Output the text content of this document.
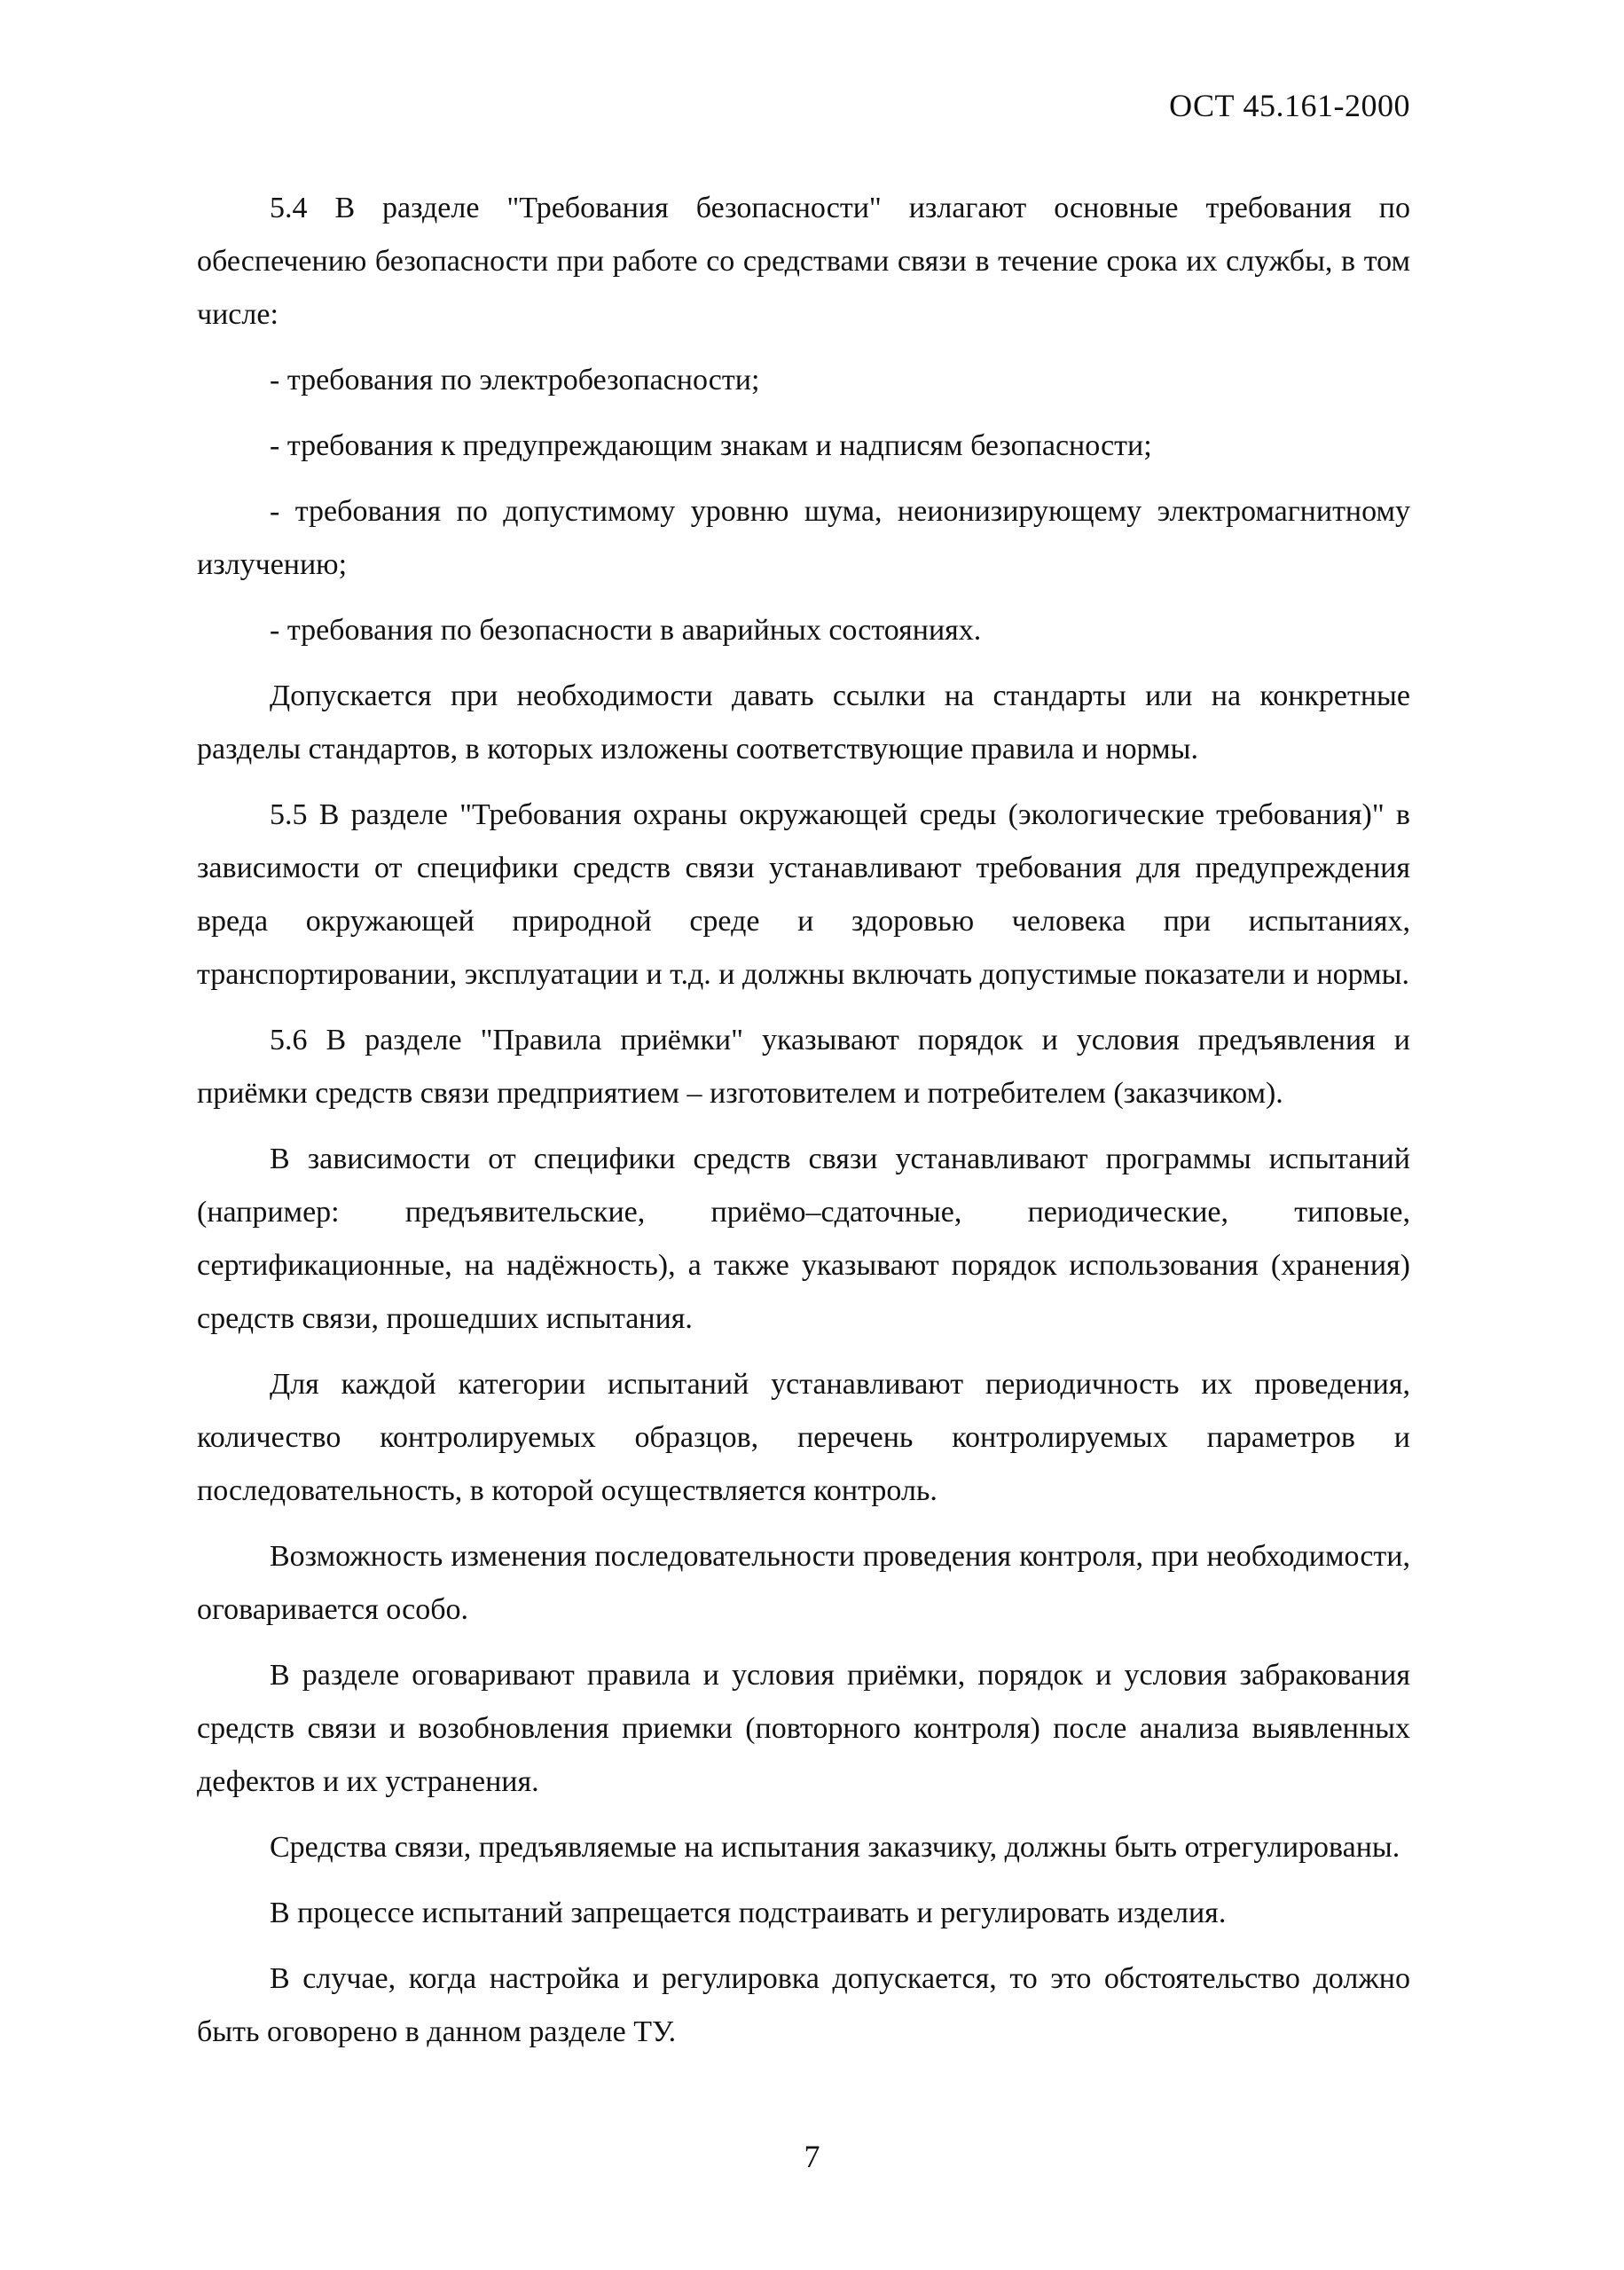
ОСТ 45.161-2000

5.4 В разделе "Требования безопасности" излагают основные требования по обеспечению безопасности при работе со средствами связи в течение срока их службы, в том числе:

- требования по электробезопасности;

- требования к предупреждающим знакам и надписям безопасности;

- требования по допустимому уровню шума, неионизирующему электромагнитному излучению;

- требования по безопасности в аварийных состояниях.

Допускается при необходимости давать ссылки на стандарты или на конкретные разделы стандартов, в которых изложены соответствующие правила и нормы.

5.5 В разделе "Требования охраны окружающей среды (экологические требования)" в зависимости от специфики средств связи устанавливают требования для предупреждения вреда окружающей природной среде и здоровью человека при испытаниях, транспортировании, эксплуатации и т.д. и должны включать допустимые показатели и нормы.

5.6 В разделе "Правила приёмки" указывают порядок и условия предъявления и приёмки средств связи предприятием – изготовителем и потребителем (заказчиком).

В зависимости от специфики средств связи устанавливают программы испытаний (например: предъявительские, приёмо–сдаточные, периодические, типовые, сертификационные, на надёжность), а также указывают порядок использования (хранения) средств связи, прошедших испытания.

Для каждой категории испытаний устанавливают периодичность их проведения, количество контролируемых образцов, перечень контролируемых параметров и последовательность, в которой осуществляется контроль.

Возможность изменения последовательности проведения контроля, при необходимости, оговаривается особо.

В разделе оговаривают правила и условия приёмки, порядок и условия забракования средств связи и возобновления приемки (повторного контроля) после анализа выявленных дефектов и их устранения.

Средства связи, предъявляемые на испытания заказчику, должны быть отрегулированы.

В процессе испытаний запрещается подстраивать и регулировать изделия.

В случае, когда настройка и регулировка допускается, то это обстоятельство должно быть оговорено в данном разделе ТУ.

7
